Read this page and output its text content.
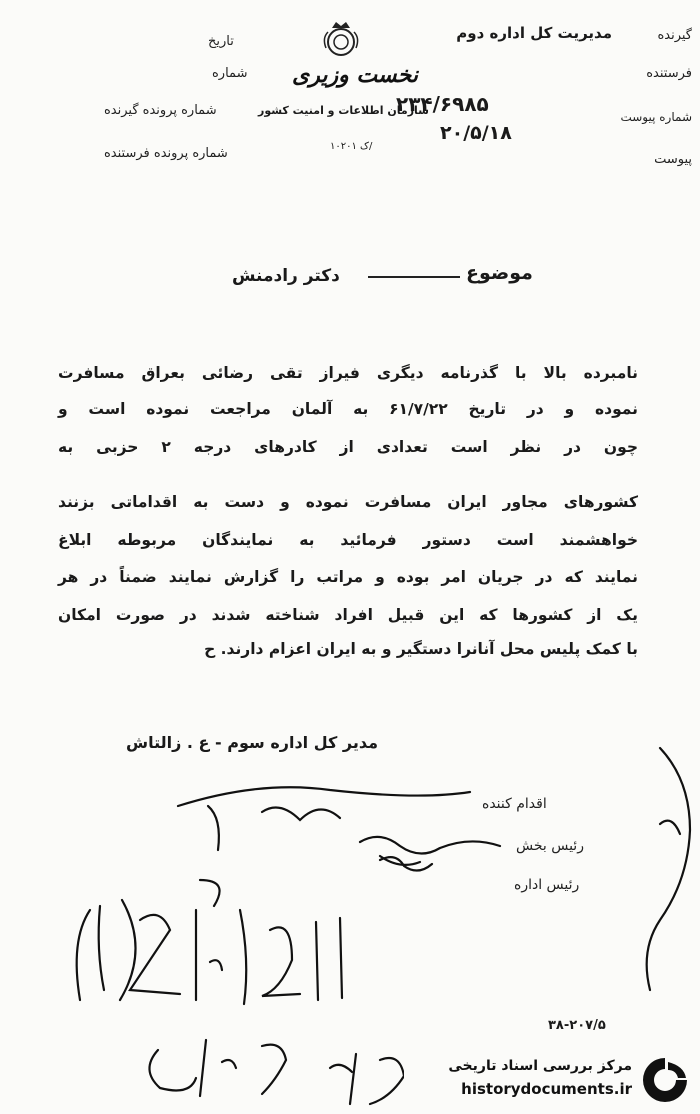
گیرنده
مدیریت کل اداره دوم
تاریخ
فرستنده
شماره نخست وزیری
شماره پیوست
۲۳۴/۶۹۸۵
سازمان اطلاعات و امنیت کشور
شماره پرونده گیرنده
۲۰/۵/۱۸
ک ۱۰۲۰۱/
شماره پرونده فرستنده	پیوست
موضوع
دکتر رادمنش
نامبرده بالا با گذرنامه دیگری فیراز تقی رضائی بعراق مسافرت
نموده و در تاریخ ۶۱/۷/۲۲ به آلمان مراجعت نموده است و
چون در نظر است تعدادی از کادرهای درجه ۲ حزبی به
کشورهای مجاور ایران مسافرت نموده و دست به اقداماتی بزنند
خواهشمند است دستور فرمائید به نمایندگان مربوطه ابلاغ
نمایند که در جریان امر بوده و مراتب را گزارش نمایند ضمناً در هر
یک از کشورها که این قبیل افراد شناخته شدند در صورت امکان
با کمک پلیس محل آنانرا دستگیر و به ایران اعزام دارند. ح
مدیر کل اداره سوم - ع . زالتاش
اقدام کننده
رئیس بخش
رئیس اداره
۳۸-۲۰۷/۵
مرکز بررسی اسناد تاریخی
historydocuments.ir
